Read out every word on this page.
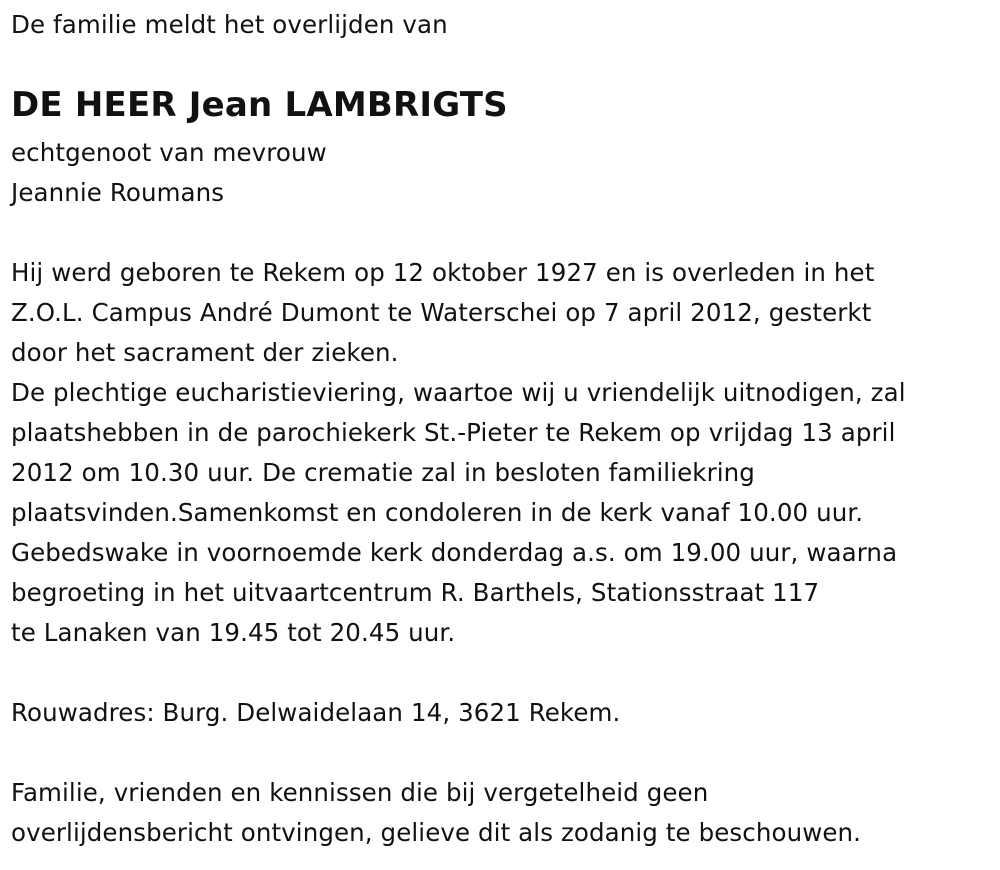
De familie meldt het overlijden van
DE HEER Jean LAMBRIGTS
echtgenoot van mevrouw
Jeannie Roumans
Hij werd geboren te Rekem op 12 oktober 1927 en is overleden in het
Z.O.L. Campus André Dumont te Waterschei op 7 april 2012, gesterkt
door het sacrament der zieken.
De plechtige eucharistieviering, waartoe wij u vriendelijk uitnodigen, zal
plaatshebben in de parochiekerk St.-Pieter te Rekem op vrijdag 13 april
2012 om 10.30 uur. De crematie zal in besloten familiekring
plaatsvinden.Samenkomst en condoleren in de kerk vanaf 10.00 uur.
Gebedswake in voornoemde kerk donderdag a.s. om 19.00 uur, waarna
begroeting in het uitvaartcentrum R. Barthels, Stationsstraat 117
te Lanaken van 19.45 tot 20.45 uur.
Rouwadres: Burg. Delwaidelaan 14, 3621 Rekem.
Familie, vrienden en kennissen die bij vergetelheid geen
overlijdensbericht ontvingen, gelieve dit als zodanig te beschouwen.
